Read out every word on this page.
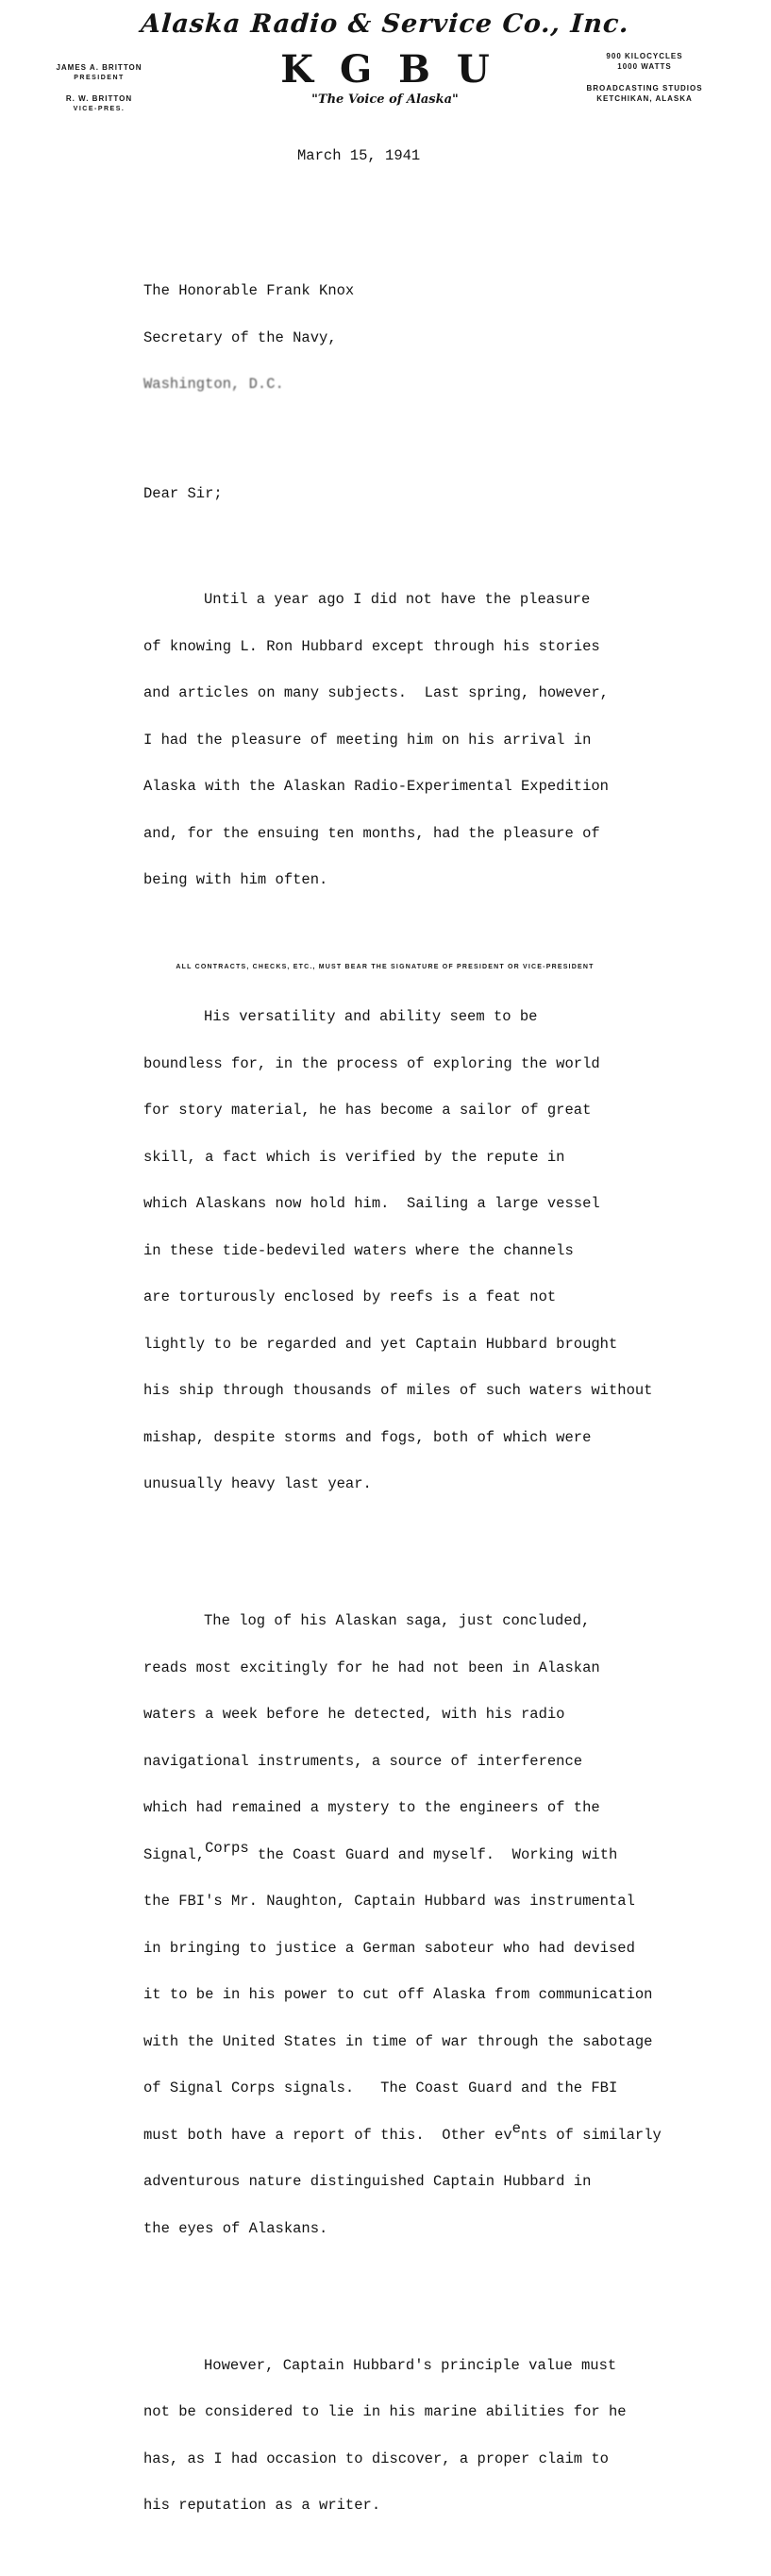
Alaska Radio & Service Co., Inc.
JAMES A. BRITTON
PRESIDENT
R. W. BRITTON
VICE-PRES.
KGBU
"The Voice of Alaska"
900 KILOCYCLES
1000 WATTS
BROADCASTING STUDIOS
KETCHIKAN, ALASKA

March 15, 1941

The Honorable Frank Knox

Secretary of the Navy,

Washington, D.C.

Dear Sir;

Until a year ago I did not have the pleasure

of knowing L. Ron Hubbard except through his stories

and articles on many subjects.  Last spring, however,

I had the pleasure of meeting him on his arrival in

Alaska with the Alaskan Radio-Experimental Expedition

and, for the ensuing ten months, had the pleasure of

being with him often.

His versatility and ability seem to be

boundless for, in the process of exploring the world

for story material, he has become a sailor of great

skill, a fact which is verified by the repute in

which Alaskans now hold him.  Sailing a large vessel

in these tide-bedeviled waters where the channels

are torturously enclosed by reefs is a feat not

lightly to be regarded and yet Captain Hubbard brought

his ship through thousands of miles of such waters without

mishap, despite storms and fogs, both of which were

unusually heavy last year.

The log of his Alaskan saga, just concluded,

reads most excitingly for he had not been in Alaskan

waters a week before he detected, with his radio

navigational instruments, a source of interference

which had remained a mystery to the engineers of the

Signal,Corps the Coast Guard and myself.  Working with

the FBI's Mr. Naughton, Captain Hubbard was instrumental

in bringing to justice a German saboteur who had devised

it to be in his power to cut off Alaska from communication

with the United States in time of war through the sabotage

of Signal Corps signals.   The Coast Guard and the FBI

must both have a report of this.  Other events of similarly

adventurous nature distinguished Captain Hubbard in

the eyes of Alaskans.

However, Captain Hubbard's principle value must

not be considered to lie in his marine abilities for he

has, as I had occasion to discover, a proper claim to

his reputation as a writer.

ALL CONTRACTS, CHECKS, ETC., MUST BEAR THE SIGNATURE OF PRESIDENT OR VICE-PRESIDENT
